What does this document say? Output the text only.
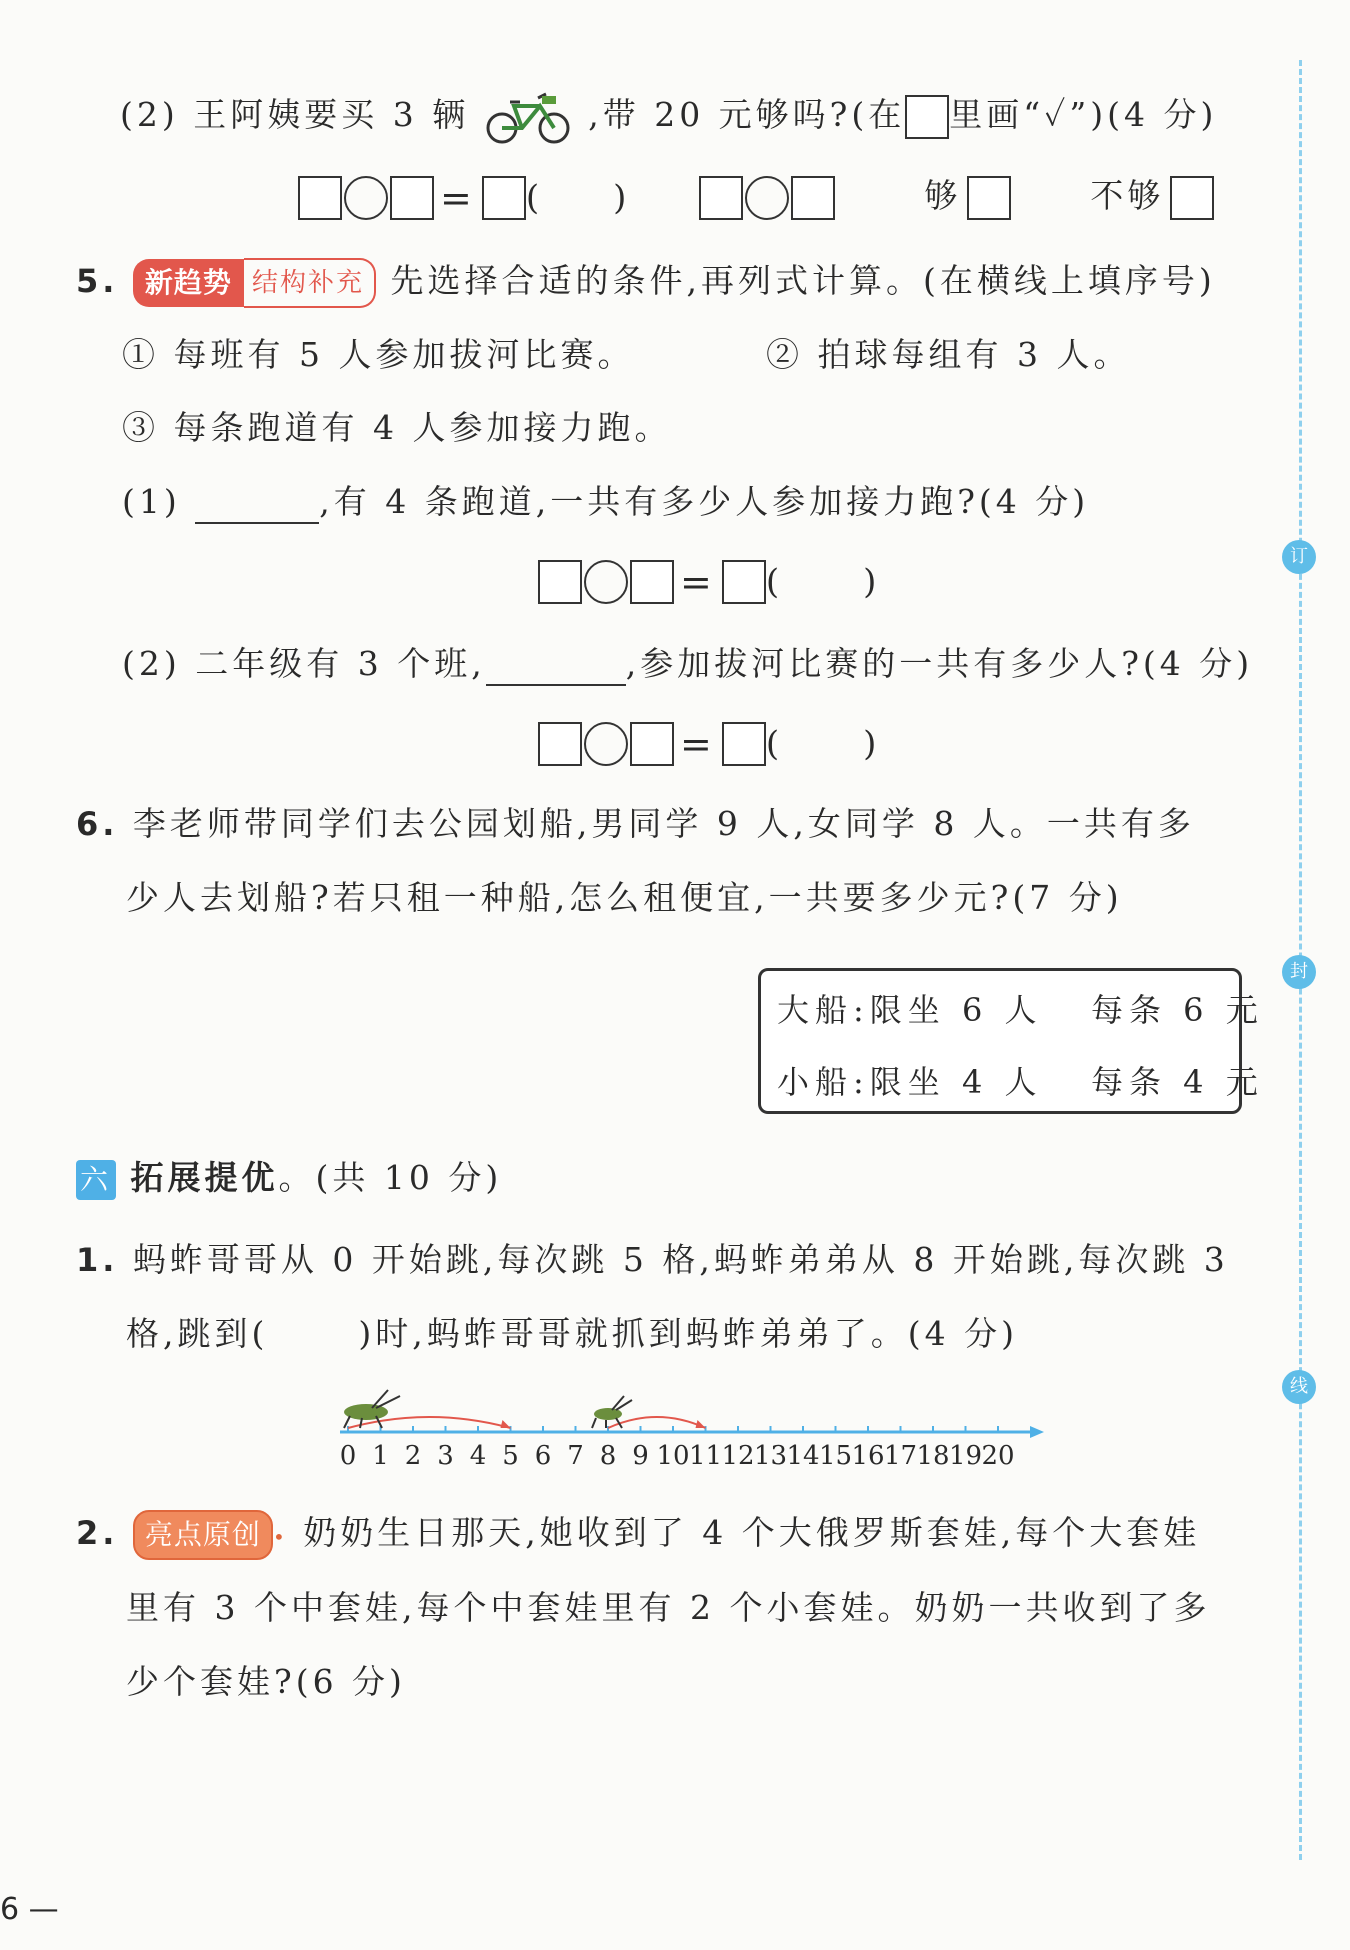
(2) 王阿姨要买 3 辆	,带 20 元够吗?(在 里画“✓”)(4 分)
= ( )	够	不够
5. 新趋势 结构补充 先选择合适的条件,再列式计算。(在横线上填序号)
① 每班有 5 人参加拔河比赛。	② 拍球每组有 3 人。
③ 每条跑道有 4 人参加接力跑。
(1)	,有 4 条跑道,一共有多少人参加接力跑?(4 分)
= ( )
(2) 二年级有 3 个班,	,参加拔河比赛的一共有多少人?(4 分)
= ( )
6. 李老师带同学们去公园划船,男同学 9 人,女同学 8 人。一共有多
少人去划船?若只租一种船,怎么租便宜,一共要多少元?(7 分)
大船:限坐 6 人   每条 6 元
小船:限坐 4 人   每条 4 元
六 拓展提优。(共 10 分)
1. 蚂蚱哥哥从 0 开始跳,每次跳 5 格,蚂蚱弟弟从 8 开始跳,每次跳 3
格,跳到(	)时,蚂蚱哥哥就抓到蚂蚱弟弟了。(4 分)
0 1 2 3 4 5 6 7 8 9 10 11 12 13 14 15 16 17 18 19 20
2. 亮点原创 • 奶奶生日那天,她收到了 4 个大俄罗斯套娃,每个大套娃
里有 3 个中套娃,每个中套娃里有 2 个小套娃。奶奶一共收到了多
少个套娃?(6 分)
订
封
线
6 —
